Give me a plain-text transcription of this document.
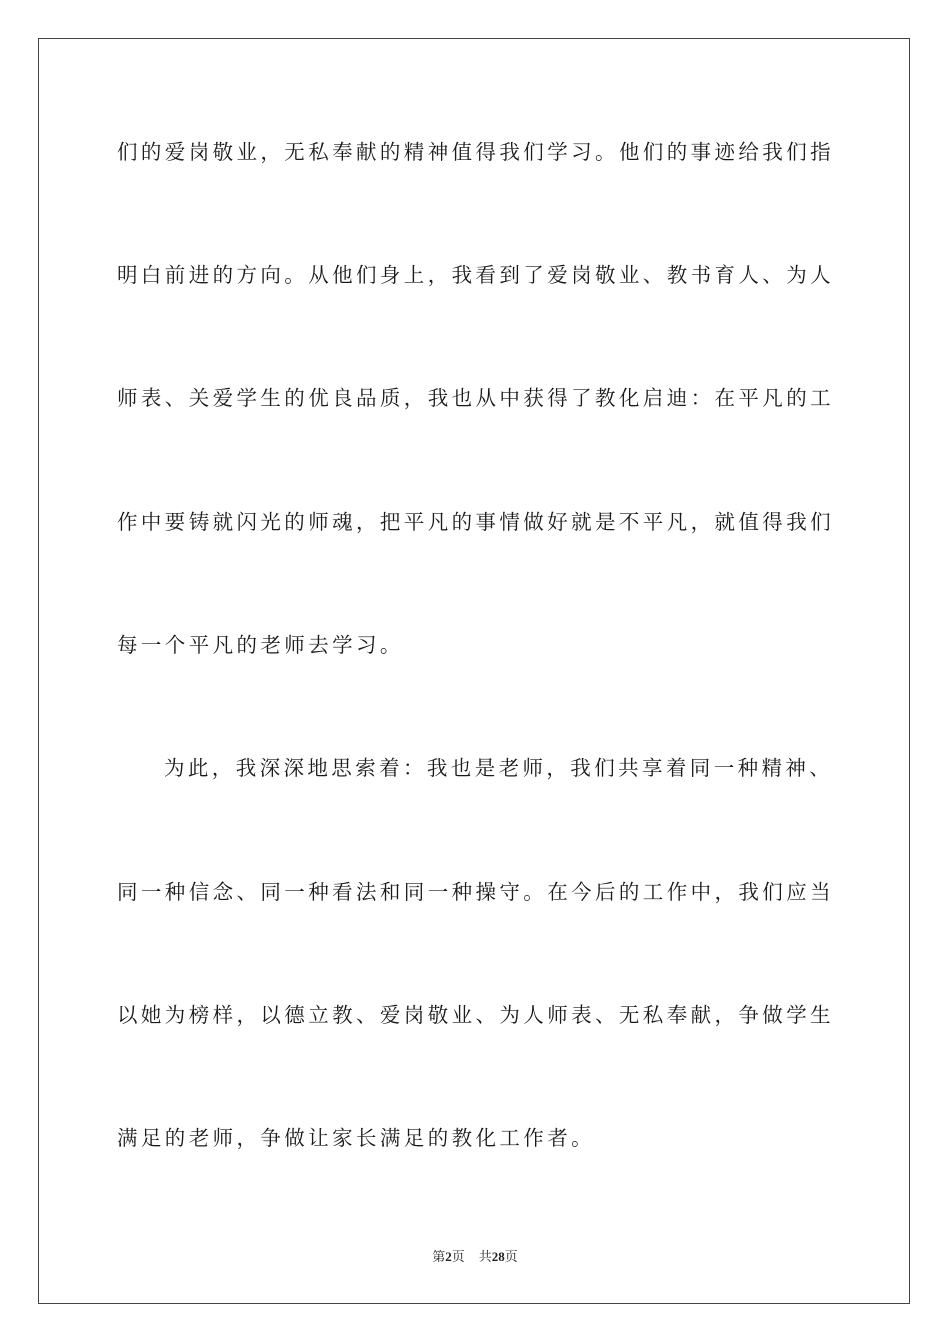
们的爱岗敬业，无私奉献的精神值得我们学习。他们的事迹给我们指
明白前进的方向。从他们身上，我看到了爱岗敬业、教书育人、为人
师表、关爱学生的优良品质，我也从中获得了教化启迪：在平凡的工
作中要铸就闪光的师魂，把平凡的事情做好就是不平凡，就值得我们
每一个平凡的老师去学习。
为此，我深深地思索着：我也是老师，我们共享着同一种精神、
同一种信念、同一种看法和同一种操守。在今后的工作中，我们应当
以她为榜样，以德立教、爱岗敬业、为人师表、无私奉献，争做学生
满足的老师，争做让家长满足的教化工作者。
第2页 共28页
